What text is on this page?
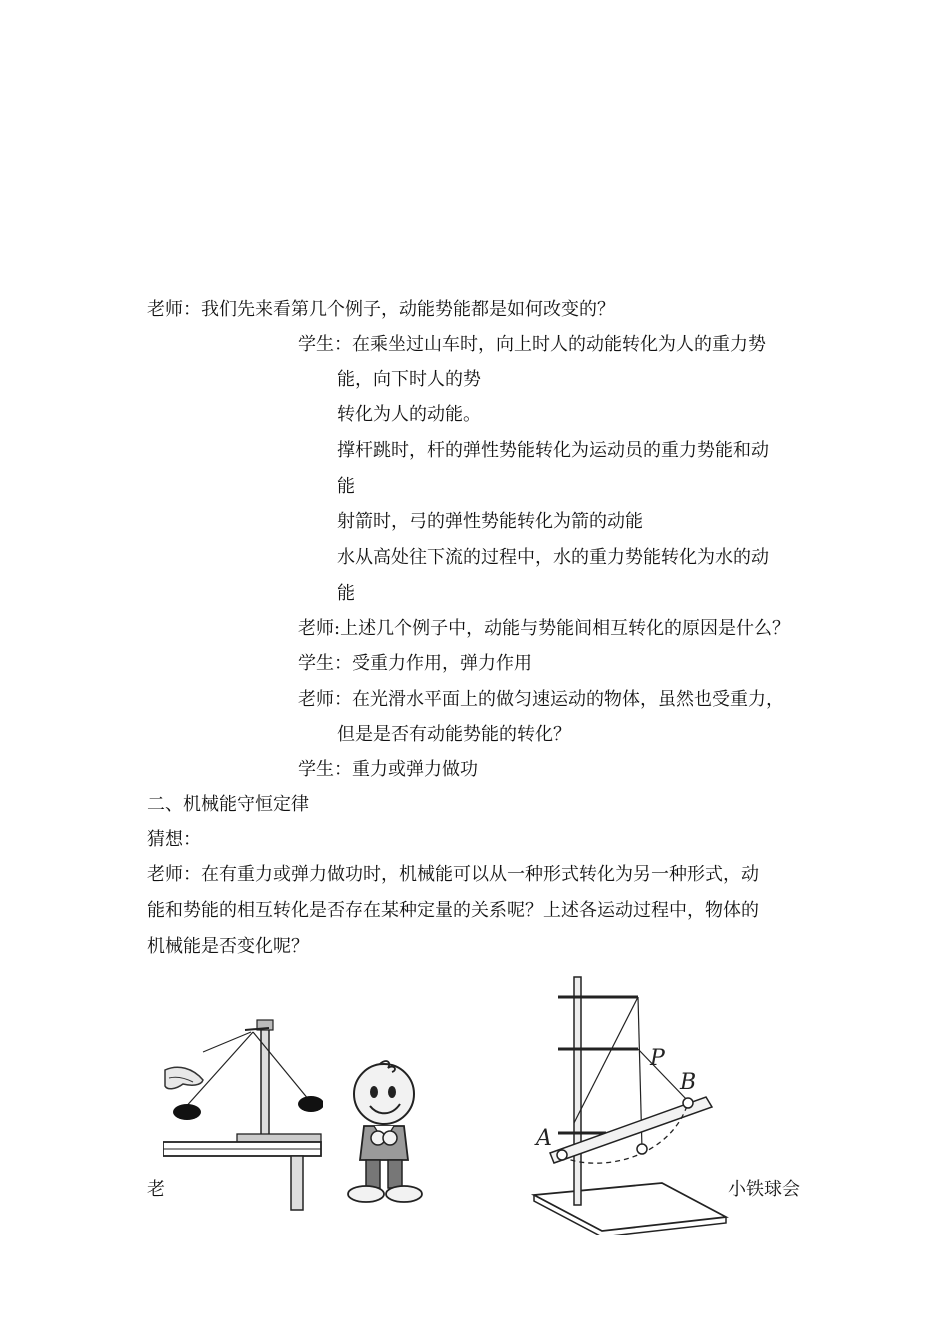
老师：我们先来看第几个例子，动能势能都是如何改变的？
学生：在乘坐过山车时，向上时人的动能转化为人的重力势
能，向下时人的势
转化为人的动能。
撑杆跳时，杆的弹性势能转化为运动员的重力势能和动
能
射箭时，弓的弹性势能转化为箭的动能
水从高处往下流的过程中，水的重力势能转化为水的动
能
老师:上述几个例子中，动能与势能间相互转化的原因是什么？
学生：受重力作用，弹力作用
老师：在光滑水平面上的做匀速运动的物体，虽然也受重力，
但是是否有动能势能的转化？
学生：重力或弹力做功
二、机械能守恒定律
猜想：
老师：在有重力或弹力做功时，机械能可以从一种形式转化为另一种形式，动
能和势能的相互转化是否存在某种定量的关系呢？上述各运动过程中，物体的
机械能是否变化呢？
老	小铁球会
P
B
A
